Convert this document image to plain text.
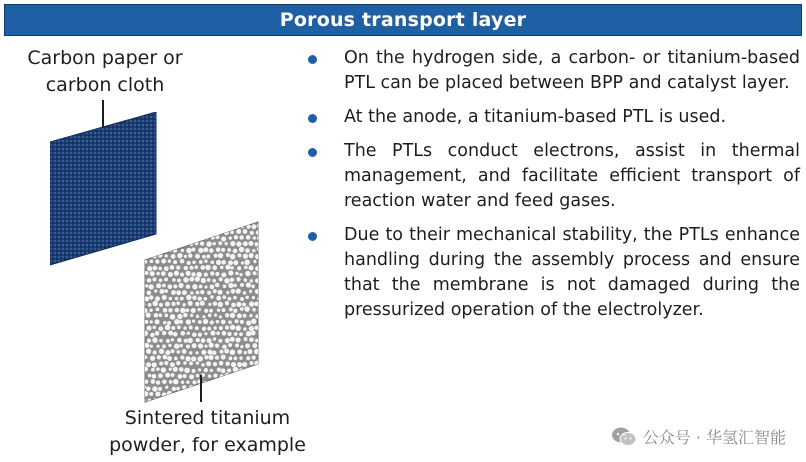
Porous transport layer
Carbon paper or
carbon cloth
Sintered titanium
powder, for example
On the hydrogen side, a carbon- or titanium-based PTL can be placed between BPP and catalyst layer.
At the anode, a titanium-based PTL is used.
The PTLs conduct electrons, assist in thermal management, and facilitate efficient transport of reaction water and feed gases.
Due to their mechanical stability, the PTLs enhance handling during the assembly process and ensure that the membrane is not damaged during the pressurized operation of the electrolyzer.
公众号 · 华氢汇智能
